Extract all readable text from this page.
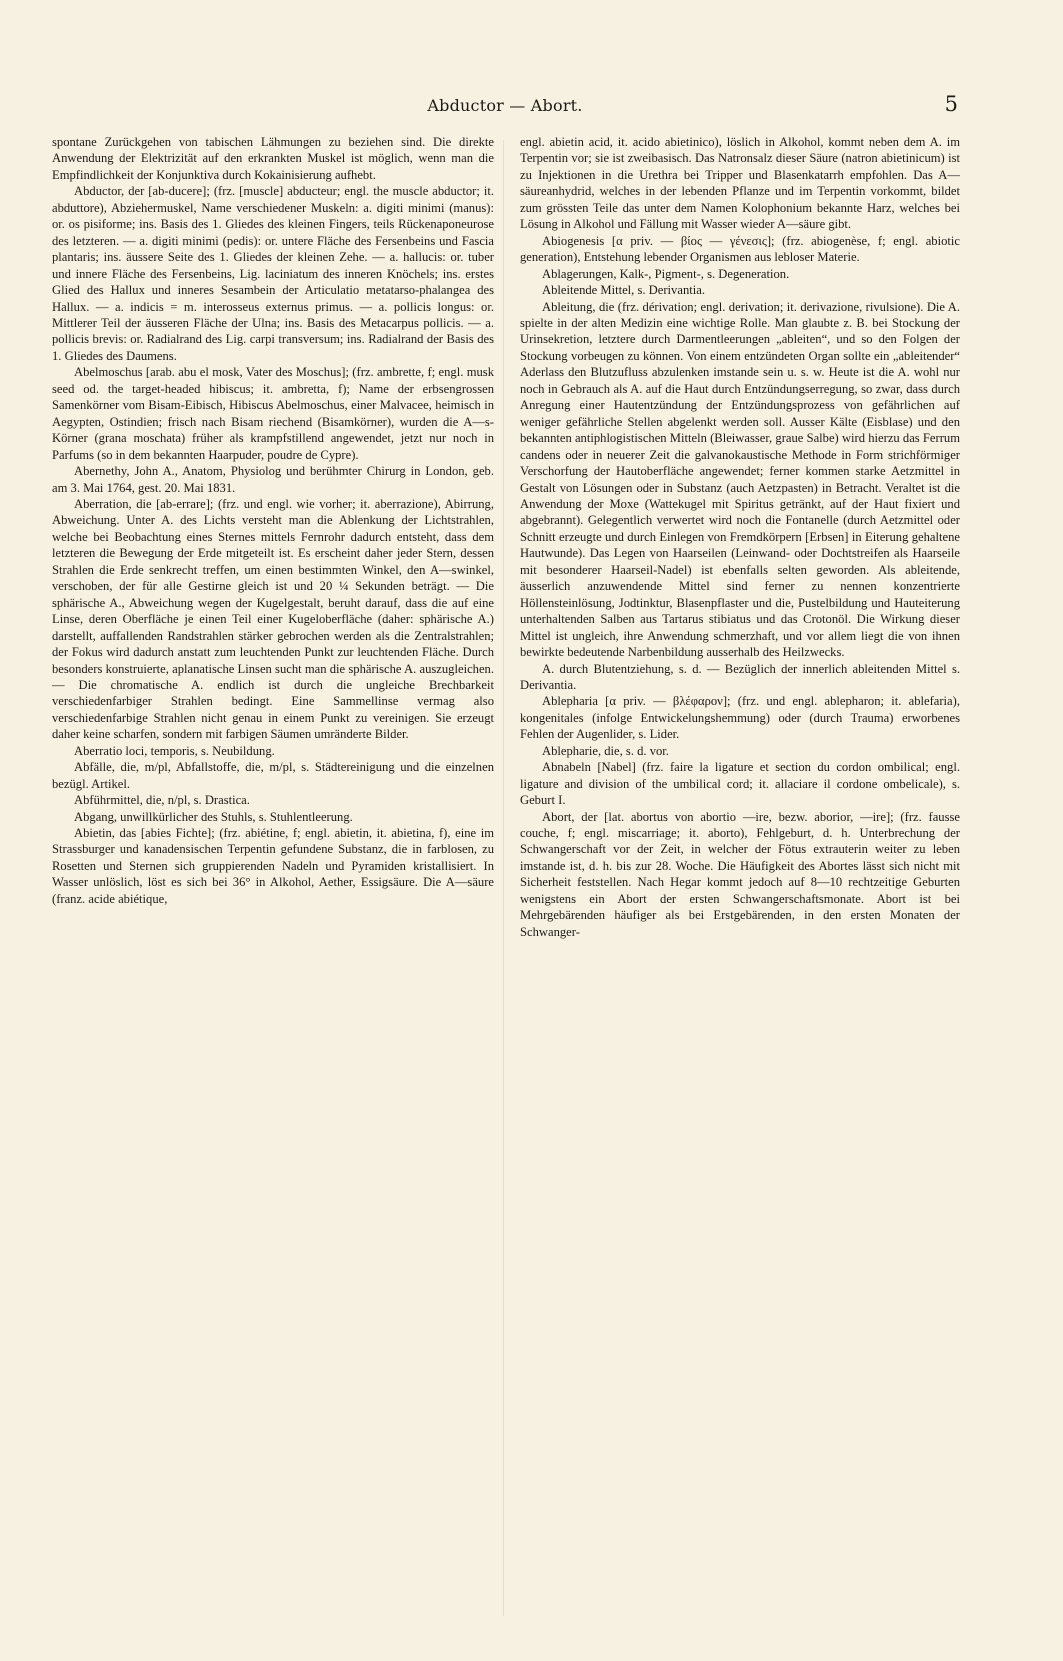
Abductor — Abort.	5

spontane Zurückgehen von tabischen Lähmungen zu beziehen sind. Die direkte Anwendung der Elektrizität auf den erkrankten Muskel ist möglich, wenn man die Empfindlichkeit der Konjunktiva durch Kokainisierung aufhebt.

Abductor, der [ab-ducere]; (frz. [muscle] abducteur; engl. the muscle abductor; it. abduttore), Abziehermuskel, Name verschiedener Muskeln: a. digiti minimi (manus): or. os pisiforme; ins. Basis des 1. Gliedes des kleinen Fingers, teils Rückenaponeurose des letzteren. — a. digiti minimi (pedis): or. untere Fläche des Fersenbeins und Fascia plantaris; ins. äussere Seite des 1. Gliedes der kleinen Zehe. — a. hallucis: or. tuber und innere Fläche des Fersenbeins, Lig. laciniatum des inneren Knöchels; ins. erstes Glied des Hallux und inneres Sesambein der Articulatio metatarso-phalangea des Hallux. — a. indicis = m. interosseus externus primus. — a. pollicis longus: or. Mittlerer Teil der äusseren Fläche der Ulna; ins. Basis des Metacarpus pollicis. — a. pollicis brevis: or. Radialrand des Lig. carpi transversum; ins. Radialrand der Basis des 1. Gliedes des Daumens.

Abelmoschus [arab. abu el mosk, Vater des Moschus]; (frz. ambrette, f; engl. musk seed od. the target-headed hibiscus; it. ambretta, f); Name der erbsengrossen Samenkörner vom Bisam-Eibisch, Hibiscus Abelmoschus, einer Malvacee, heimisch in Aegypten, Ostindien; frisch nach Bisam riechend (Bisamkörner), wurden die A—s-Körner (grana moschata) früher als krampfstillend angewendet, jetzt nur noch in Parfums (so in dem bekannten Haarpuder, poudre de Cypre).

Abernethy, John A., Anatom, Physiolog und berühmter Chirurg in London, geb. am 3. Mai 1764, gest. 20. Mai 1831.

Aberration, die [ab-errare]; (frz. und engl. wie vorher; it. aberrazione), Abirrung, Abweichung. Unter A. des Lichts versteht man die Ablenkung der Lichtstrahlen, welche bei Beobachtung eines Sternes mittels Fernrohr dadurch entsteht, dass dem letzteren die Bewegung der Erde mitgeteilt ist. Es erscheint daher jeder Stern, dessen Strahlen die Erde senkrecht treffen, um einen bestimmten Winkel, den A—swinkel, verschoben, der für alle Gestirne gleich ist und 20 ¼ Sekunden beträgt. — Die sphärische A., Abweichung wegen der Kugelgestalt, beruht darauf, dass die auf eine Linse, deren Oberfläche je einen Teil einer Kugeloberfläche (daher: sphärische A.) darstellt, auffallenden Randstrahlen stärker gebrochen werden als die Zentralstrahlen; der Fokus wird dadurch anstatt zum leuchtenden Punkt zur leuchtenden Fläche. Durch besonders konstruierte, aplanatische Linsen sucht man die sphärische A. auszugleichen. — Die chromatische A. endlich ist durch die ungleiche Brechbarkeit verschiedenfarbiger Strahlen bedingt. Eine Sammellinse vermag also verschiedenfarbige Strahlen nicht genau in einem Punkt zu vereinigen. Sie erzeugt daher keine scharfen, sondern mit farbigen Säumen umränderte Bilder.

Aberratio loci, temporis, s. Neubildung.

Abfälle, die, m/pl, Abfallstoffe, die, m/pl, s. Städtereinigung und die einzelnen bezügl. Artikel.

Abführmittel, die, n/pl, s. Drastica.

Abgang, unwillkürlicher des Stuhls, s. Stuhlentleerung.

Abietin, das [abies Fichte]; (frz. abiétine, f; engl. abietin, it. abietina, f), eine im Strassburger und kanadensischen Terpentin gefundene Substanz, die in farblosen, zu Rosetten und Sternen sich gruppierenden Nadeln und Pyramiden kristallisiert. In Wasser unlöslich, löst es sich bei 36° in Alkohol, Aether, Essigsäure. Die A—säure (franz. acide abiétique,

engl. abietin acid, it. acido abietinico), löslich in Alkohol, kommt neben dem A. im Terpentin vor; sie ist zweibasisch. Das Natronsalz dieser Säure (natron abietinicum) ist zu Injektionen in die Urethra bei Tripper und Blasenkatarrh empfohlen. Das A—säureanhydrid, welches in der lebenden Pflanze und im Terpentin vorkommt, bildet zum grössten Teile das unter dem Namen Kolophonium bekannte Harz, welches bei Lösung in Alkohol und Fällung mit Wasser wieder A—säure gibt.

Abiogenesis [α priv. — βίος — γένεσις]; (frz. abiogenèse, f; engl. abiotic generation), Entstehung lebender Organismen aus lebloser Materie.

Ablagerungen, Kalk-, Pigment-, s. Degeneration.

Ableitende Mittel, s. Derivantia.

Ableitung, die (frz. dérivation; engl. derivation; it. derivazione, rivulsione). Die A. spielte in der alten Medizin eine wichtige Rolle. Man glaubte z. B. bei Stockung der Urinsekretion, letztere durch Darmentleerungen „ableiten“, und so den Folgen der Stockung vorbeugen zu können. Von einem entzündeten Organ sollte ein „ableitender“ Aderlass den Blutzufluss abzulenken imstande sein u. s. w. Heute ist die A. wohl nur noch in Gebrauch als A. auf die Haut durch Entzündungserregung, so zwar, dass durch Anregung einer Hautentzündung der Entzündungsprozess von gefährlichen auf weniger gefährliche Stellen abgelenkt werden soll. Ausser Kälte (Eisblase) und den bekannten antiphlogistischen Mitteln (Bleiwasser, graue Salbe) wird hierzu das Ferrum candens oder in neuerer Zeit die galvanokaustische Methode in Form strichförmiger Verschorfung der Hautoberfläche angewendet; ferner kommen starke Aetzmittel in Gestalt von Lösungen oder in Substanz (auch Aetzpasten) in Betracht. Veraltet ist die Anwendung der Moxe (Wattekugel mit Spiritus getränkt, auf der Haut fixiert und abgebrannt). Gelegentlich verwertet wird noch die Fontanelle (durch Aetzmittel oder Schnitt erzeugte und durch Einlegen von Fremdkörpern [Erbsen] in Eiterung gehaltene Hautwunde). Das Legen von Haarseilen (Leinwand- oder Dochtstreifen als Haarseile mit besonderer Haarseil-Nadel) ist ebenfalls selten geworden. Als ableitende, äusserlich anzuwendende Mittel sind ferner zu nennen konzentrierte Höllensteinlösung, Jodtinktur, Blasenpflaster und die, Pustelbildung und Hauteiterung unterhaltenden Salben aus Tartarus stibiatus und das Crotonöl. Die Wirkung dieser Mittel ist ungleich, ihre Anwendung schmerzhaft, und vor allem liegt die von ihnen bewirkte bedeutende Narbenbildung ausserhalb des Heilzwecks.

A. durch Blutentziehung, s. d. — Bezüglich der innerlich ableitenden Mittel s. Derivantia.

Ablepharia [α priv. — βλέφαρον]; (frz. und engl. ablepharon; it. ablefaria), kongenitales (infolge Entwickelungshemmung) oder (durch Trauma) erworbenes Fehlen der Augenlider, s. Lider.

Ablepharie, die, s. d. vor.

Abnabeln [Nabel] (frz. faire la ligature et section du cordon ombilical; engl. ligature and division of the umbilical cord; it. allaciare il cordone ombelicale), s. Geburt I.

Abort, der [lat. abortus von abortio —ire, bezw. aborior, —ire]; (frz. fausse couche, f; engl. miscarriage; it. aborto), Fehlgeburt, d. h. Unterbrechung der Schwangerschaft vor der Zeit, in welcher der Fötus extrauterin weiter zu leben imstande ist, d. h. bis zur 28. Woche. Die Häufigkeit des Abortes lässt sich nicht mit Sicherheit feststellen. Nach Hegar kommt jedoch auf 8—10 rechtzeitige Geburten wenigstens ein Abort der ersten Schwangerschaftsmonate. Abort ist bei Mehrgebärenden häufiger als bei Erstgebärenden, in den ersten Monaten der Schwanger-
